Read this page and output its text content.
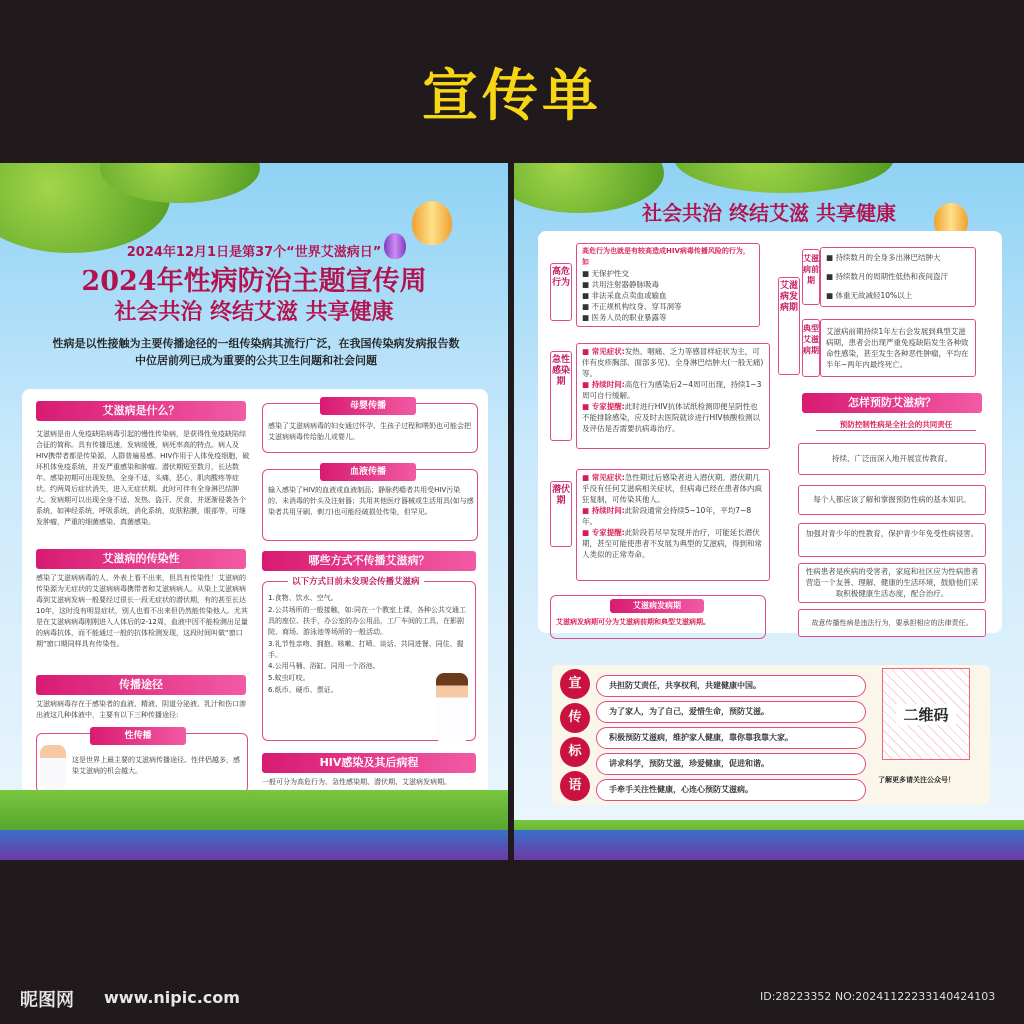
宣传单
2024年12月1日是第37个“世界艾滋病日”
2024年性病防治主题宣传周
社会共治 终结艾滋 共享健康
性病是以性接触为主要传播途径的一组传染病其流行广泛，在我国传染病发病报告数中位居前列已成为重要的公共卫生问题和社会问题
艾滋病是什么？
艾滋病是由人免疫缺陷病毒引起的慢性传染病，是获得性免疫缺陷综合征的简称。具有传播迅速，发病缓慢，病死率高的特点。病人及HIV携带者都是传染源，人群普遍易感。HIV作用于人体免疫细胞，破坏机体免疫系统，并发严重感染和肿瘤。潜伏期短至数月，长达数年。感染初期可出现发热，全身不适，头痛，恶心，肌肉酸疼等症状。约两周后症状消失，进入无症状期。此时可伴有全身淋巴结肿大。发病期可以出现全身不适、发热、盗汗、厌食，并逐渐侵袭各个系统，如神经系统，呼吸系统，消化系统，皮肤粘膜，眼部等，可继发肿瘤，严重的细菌感染、真菌感染。
艾滋病的传染性
感染了艾滋病病毒的人，外表上看不出来，但具有传染性！艾滋病的传染源为无症状的艾滋病病毒携带者和艾滋病病人。从染上艾滋病病毒到艾滋病发病一般要经过很长一段无症状的潜伏期，有的甚至长达10年，这时没有明显症状，别人也看不出来但仍然能传染他人。尤其是在艾滋病病毒刚刚进入人体后的2-12周，血液中因不能检测出足量的病毒抗体，而不能通过一般的抗体检测发现，这段时间叫做“窗口期”窗口期同样具有传染性。
传播途径
艾滋病病毒存在于感染者的血液、精液、阴道分泌液、乳汁和伤口渗出液这几种体液中，主要有以下三种传播途径:
性传播
这是世界上最主要的艾滋病传播途径。性伴侣越多，感染艾滋病的机会越大。
母婴传播
感染了艾滋病病毒的妇女通过怀孕、生孩子过程和喂奶也可能会把艾滋病病毒传给胎儿或婴儿。
血液传播
输入感染了HIV的血液或血液制品；静脉药瘾者共用受HIV污染的、未消毒的针头及注射器；共用其他医疗器械或生活用具(如与感染者共用牙刷、剃刀)也可能经破损处传染，但罕见。
哪些方式不传播艾滋病？
以下方式目前未发现会传播艾滋病
1.食物、饮水、空气。
2.公共场所的一般接触，如:同在一个教室上课，各种公共交通工具的座位、扶手，办公室的办公用品，工厂车间的工具，在影剧院、商场、游泳池等场所的一般活动。
3.礼节性亲吻、拥抱、咳嗽、打喷、谈话、共同进餐、同住、握手。
4.公用马桶、浴缸、同用一个浴池。
5.蚊虫叮咬。
6.纸币、硬币、票证。
HIV感染及其后病程
一般可分为高危行为、急性感染期、潜伏期、艾滋病发病期。
社会共治 终结艾滋 共享健康
高危行为
高危行为也就是有较高造成HIV病毒传播风险的行为，如
■ 无保护性交
■ 共用注射器静脉吸毒
■ 非法采血点卖血或输血
■ 不正规机构纹身、穿耳洞等
■ 医务人员的职业暴露等
急性感染期
■ 常见症状:发热、咽痛、乏力等感冒样症状为主，可伴有皮疹胸部、面部多见)、全身淋巴结肿大(一般无痛)等。
■ 持续时间:高危行为感染后2~4周可出现，持续1~3周可自行缓解。
■ 专家提醒:此时进行HIV抗体试纸检测即便呈阴性也不能排除感染，应及时去医院就诊进行HIV核酸检测以及评估是否需要抗病毒治疗。
潜伏期
■ 常见症状:急性期过后感染者进入潜伏期。潜伏期几乎没有任何艾滋病相关症状，但病毒已经在患者体内疯狂复制，可传染其他人。
■ 持续时间:此阶段通常会持续5~10年，平均7~8年。
■ 专家提醒:此阶段若尽早发现并治疗，可能延长潜伏期，甚至可能使患者不发展为典型的艾滋病，得到和常人类似的正常寿命。
艾滋病发病期
艾滋病发病期可分为艾滋病前期和典型艾滋病期。
艾滋病发病期
艾滋病前期
■ 持续数月的全身多出淋巴结肿大
■ 持续数月的周期性低热和夜间盗汗
■ 体重无故减轻10%以上
典型艾滋病期
艾滋病前期持续1年左右会发展到典型艾滋病期，患者会出现严重免疫缺陷发生各种致命性感染，甚至发生各种恶性肿瘤，平均在半年~两年内最终死亡。
怎样预防艾滋病？
预防控制性病是全社会的共同责任
持续、广泛而深入地开展宣传教育。
每个人都应该了解和掌握预防性病的基本知识。
加强对青少年的性教育，保护青少年免受性病侵害。
性病患者是疾病的受害者，家庭和社区应为性病患者营造一个友善、理解、健康的生活环境，鼓励他们采取积极健康生活态度，配合治疗。
故意传播性病是违法行为，要承担相应的法律责任。
宣
传
标
语
共担防艾责任，共享权利，共建健康中国。
为了家人，为了自己，爱惜生命，预防艾滋。
积极预防艾滋病，维护家人健康，靠你靠我靠大家。
讲求科学，预防艾滋，珍爱健康，促进和谐。
手牵手关注性健康，心连心预防艾滋病。
二维码
了解更多请关注公众号！
昵图网 www.nipic.com	ID:28223352 NO:20241122233140424103
